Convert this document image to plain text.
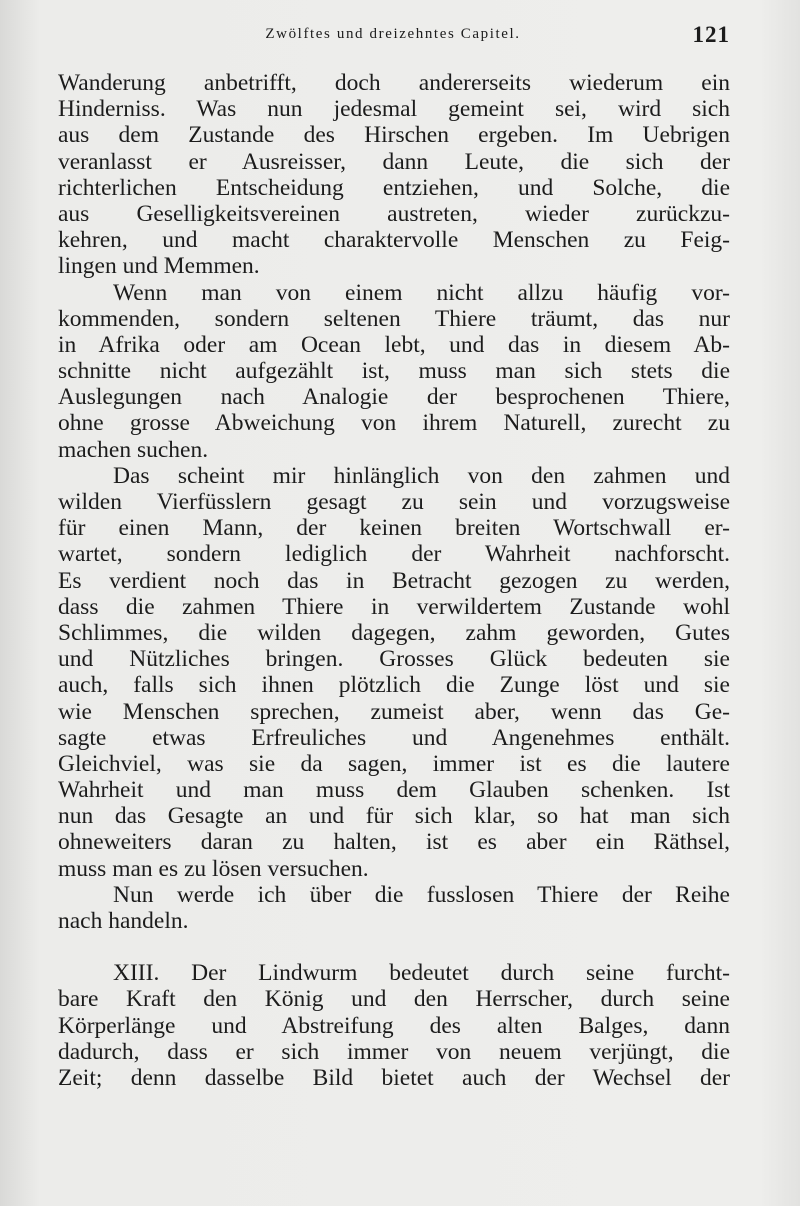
Zwölftes und dreizehntes Capitel.	121
Wanderung anbetrifft, doch andererseits wiederum ein
Hinderniss. Was nun jedesmal gemeint sei, wird sich
aus dem Zustande des Hirschen ergeben. Im Uebrigen
veranlasst er Ausreisser, dann Leute, die sich der
richterlichen Entscheidung entziehen, und Solche, die
aus Geselligkeitsvereinen austreten, wieder zurückzu-
kehren, und macht charaktervolle Menschen zu Feig-
lingen und Memmen.
Wenn man von einem nicht allzu häufig vor-
kommenden, sondern seltenen Thiere träumt, das nur
in Afrika oder am Ocean lebt, und das in diesem Ab-
schnitte nicht aufgezählt ist, muss man sich stets die
Auslegungen nach Analogie der besprochenen Thiere,
ohne grosse Abweichung von ihrem Naturell, zurecht zu
machen suchen.
Das scheint mir hinlänglich von den zahmen und
wilden Vierfüsslern gesagt zu sein und vorzugsweise
für einen Mann, der keinen breiten Wortschwall er-
wartet, sondern lediglich der Wahrheit nachforscht.
Es verdient noch das in Betracht gezogen zu werden,
dass die zahmen Thiere in verwildertem Zustande wohl
Schlimmes, die wilden dagegen, zahm geworden, Gutes
und Nützliches bringen. Grosses Glück bedeuten sie
auch, falls sich ihnen plötzlich die Zunge löst und sie
wie Menschen sprechen, zumeist aber, wenn das Ge-
sagte etwas Erfreuliches und Angenehmes enthält.
Gleichviel, was sie da sagen, immer ist es die lautere
Wahrheit und man muss dem Glauben schenken. Ist
nun das Gesagte an und für sich klar, so hat man sich
ohneweiters daran zu halten, ist es aber ein Räthsel,
muss man es zu lösen versuchen.
Nun werde ich über die fusslosen Thiere der Reihe
nach handeln.
XIII. Der Lindwurm bedeutet durch seine furcht-
bare Kraft den König und den Herrscher, durch seine
Körperlänge und Abstreifung des alten Balges, dann
dadurch, dass er sich immer von neuem verjüngt, die
Zeit; denn dasselbe Bild bietet auch der Wechsel der
